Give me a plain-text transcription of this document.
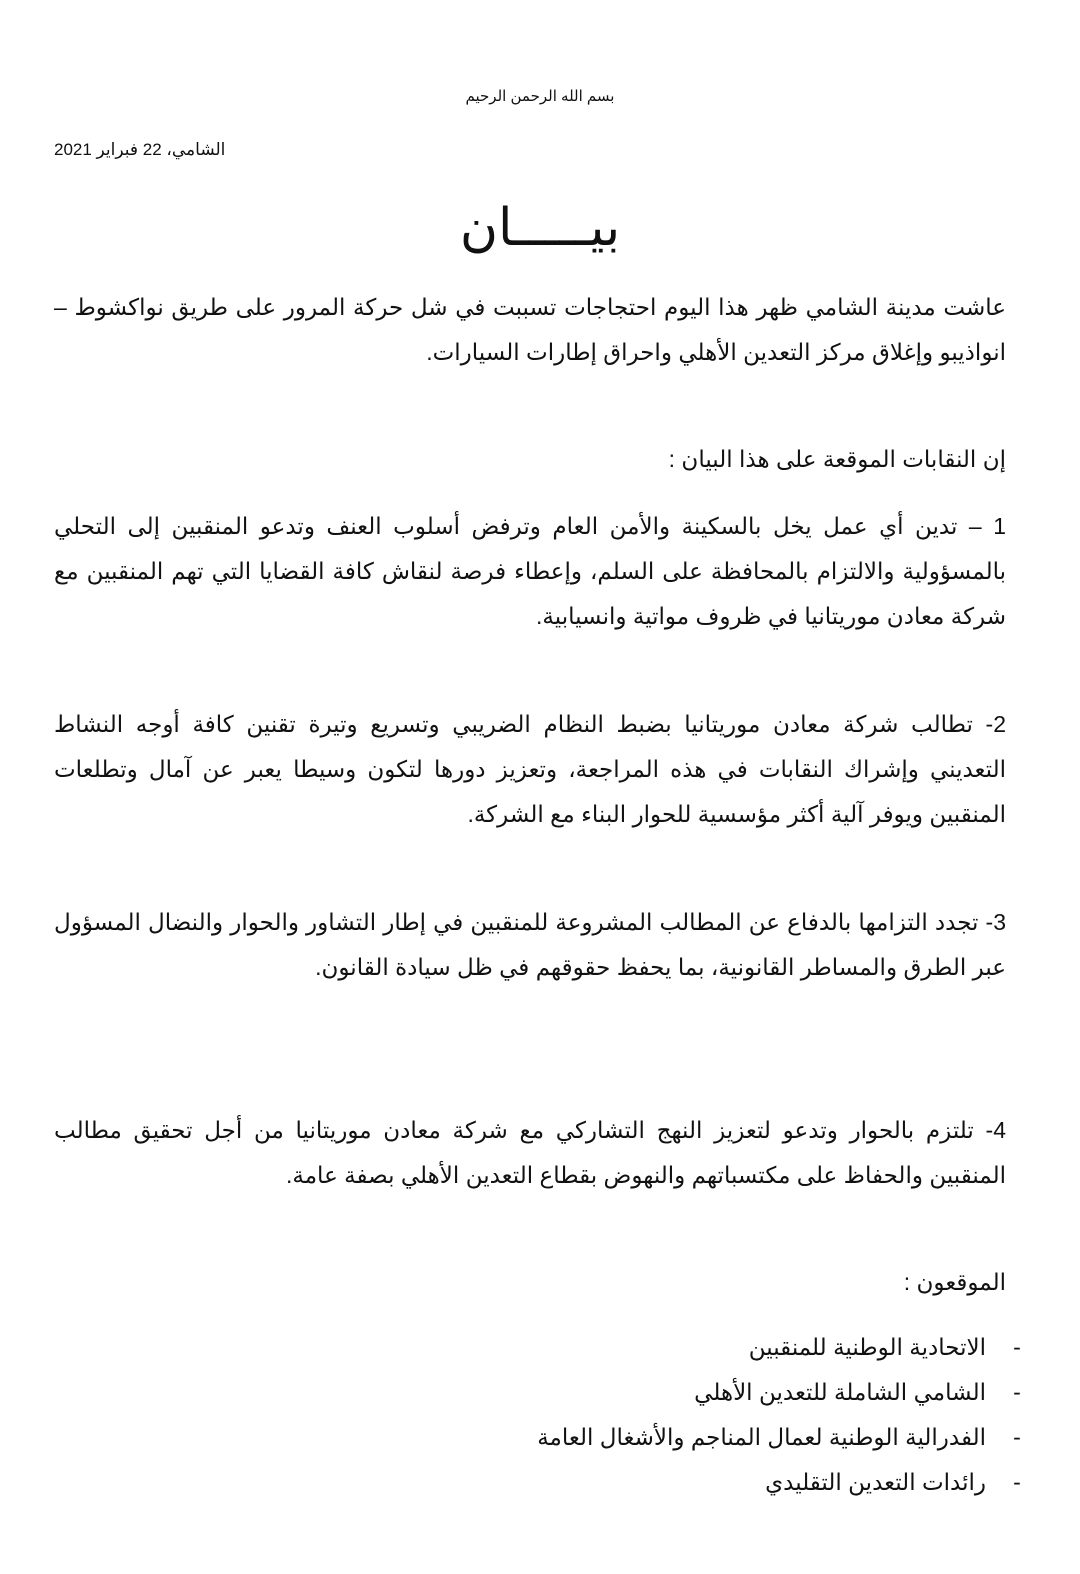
بسم الله الرحمن الرحيم
الشامي، 22 فبراير 2021
بيـــــان

عاشت مدينة الشامي ظهر هذا اليوم احتجاجات تسببت في شل حركة المرور على طريق نواكشوط – انواذيبو وإغلاق مركز التعدين الأهلي واحراق إطارات السيارات.

إن النقابات الموقعة على هذا البيان :

1 – تدين أي عمل يخل بالسكينة والأمن العام وترفض أسلوب العنف وتدعو المنقبين إلى التحلي بالمسؤولية والالتزام بالمحافظة على السلم، وإعطاء فرصة لنقاش كافة القضايا التي تهم المنقبين مع شركة معادن موريتانيا في ظروف مواتية وانسيابية.

2- تطالب شركة معادن موريتانيا بضبط النظام الضريبي وتسريع وتيرة تقنين كافة أوجه النشاط التعديني وإشراك النقابات في هذه المراجعة، وتعزيز دورها لتكون وسيطا يعبر عن آمال وتطلعات المنقبين ويوفر آلية أكثر مؤسسية للحوار البناء مع الشركة.

3- تجدد التزامها بالدفاع عن المطالب المشروعة للمنقبين في إطار التشاور والحوار والنضال المسؤول عبر الطرق والمساطر القانونية، بما يحفظ حقوقهم في ظل سيادة القانون.

4- تلتزم بالحوار وتدعو لتعزيز النهج التشاركي مع شركة معادن موريتانيا من أجل تحقيق مطالب المنقبين والحفاظ على مكتسباتهم والنهوض بقطاع التعدين الأهلي بصفة عامة.

الموقعون :
-
الاتحادية الوطنية للمنقبين
-
الشامي الشاملة للتعدين الأهلي
-
الفدرالية الوطنية لعمال المناجم والأشغال العامة
-
رائدات التعدين التقليدي
